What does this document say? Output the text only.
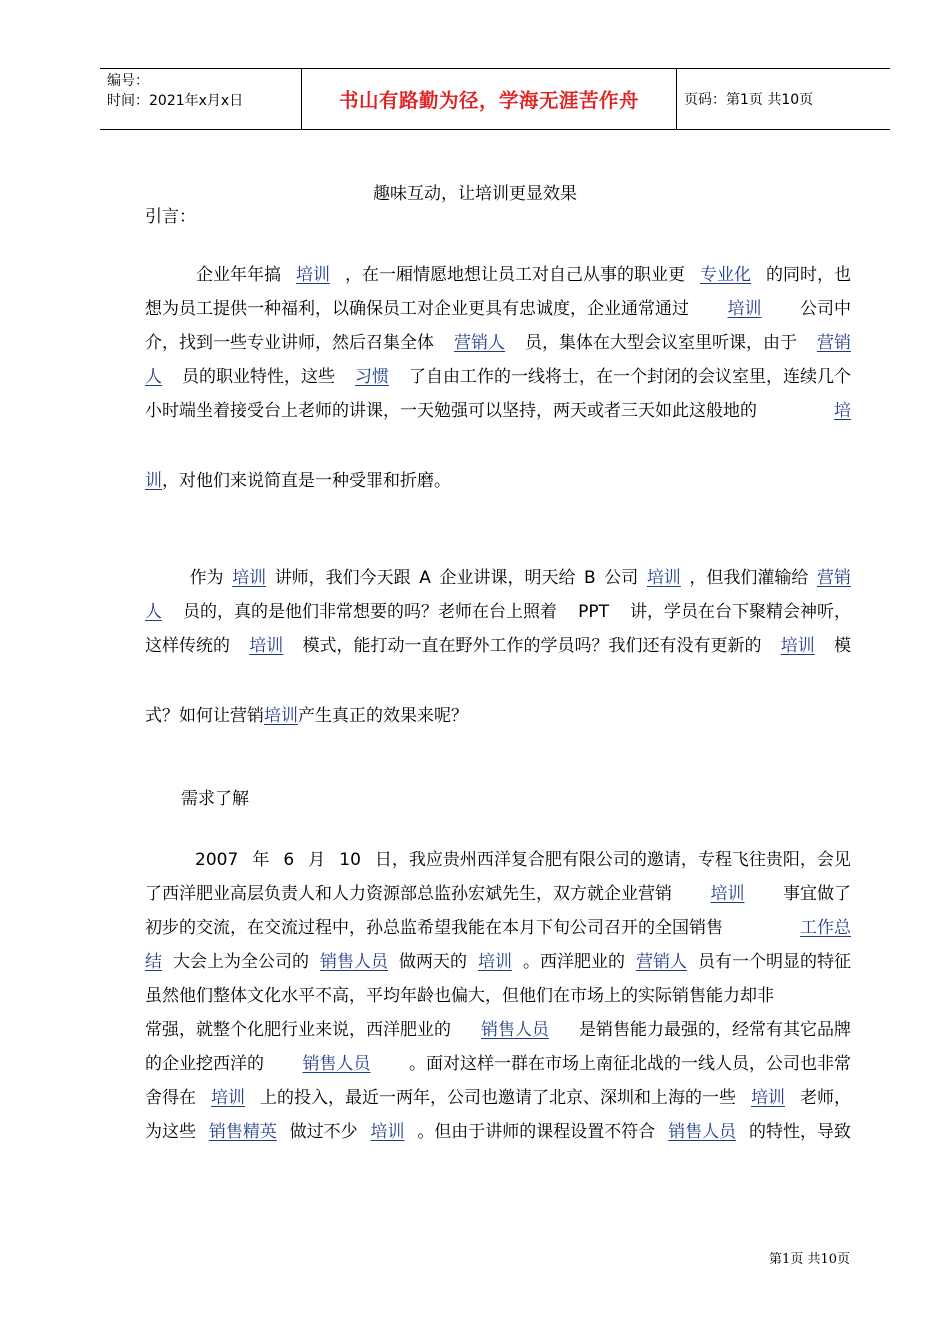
编号：
时间：2021年x月x日	书山有路勤为径，学海无涯苦作舟	页码：第1页 共10页
趣味互动，让培训更显效果
引言：
企业年年搞 培训 ，在一厢情愿地想让员工对自己从事的职业更 专业化 的同时，也
想为员工提供一种福利，以确保员工对企业更具有忠诚度，企业通常通过 培训 公司中
介，找到一些专业讲师，然后召集全体 营销人 员，集体在大型会议室里听课，由于 营销
人 员的职业特性，这些 习惯 了自由工作的一线将士，在一个封闭的会议室里，连续几个
小时端坐着接受台上老师的讲课，一天勉强可以坚持，两天或者三天如此这般地的	培
训 ，对他们来说简直是一种受罪和折磨。
作为 培训 讲师，我们今天跟 A 企业讲课，明天给 B 公司 培训 ，但我们灌输给 营销
人 员的，真的是他们非常想要的吗？老师在台上照着 PPT 讲，学员在台下聚精会神听，
这样传统的 培训 模式，能打动一直在野外工作的学员吗？我们还有没有更新的 培训 模
式？如何让营销 培训 产生真正的效果来呢？
需求了解
2007 年 6 月 10 日，我应贵州西洋复合肥有限公司的邀请，专程飞往贵阳，会见
了西洋肥业高层负责人和人力资源部总监孙宏斌先生，双方就企业营销 培训 事宜做了
初步的交流，在交流过程中，孙总监希望我能在本月下旬公司召开的全国销售	工作总
结 大会上为全公司的 销售人员 做两天的 培训 。西洋肥业的 营销人 员有一个明显的特征
虽然他们整体文化水平不高，平均年龄也偏大，但他们在市场上的实际销售能力却非
常强，就整个化肥行业来说，西洋肥业的 销售人员 是销售能力最强的，经常有其它品牌
的企业挖西洋的 销售人员 。面对这样一群在市场上南征北战的一线人员，公司也非常
舍得在 培训 上的投入，最近一两年，公司也邀请了北京、深圳和上海的一些 培训 老师，
为这些 销售精英 做过不少 培训 。但由于讲师的课程设置不符合 销售人员 的特性，导致
第1页 共10页
